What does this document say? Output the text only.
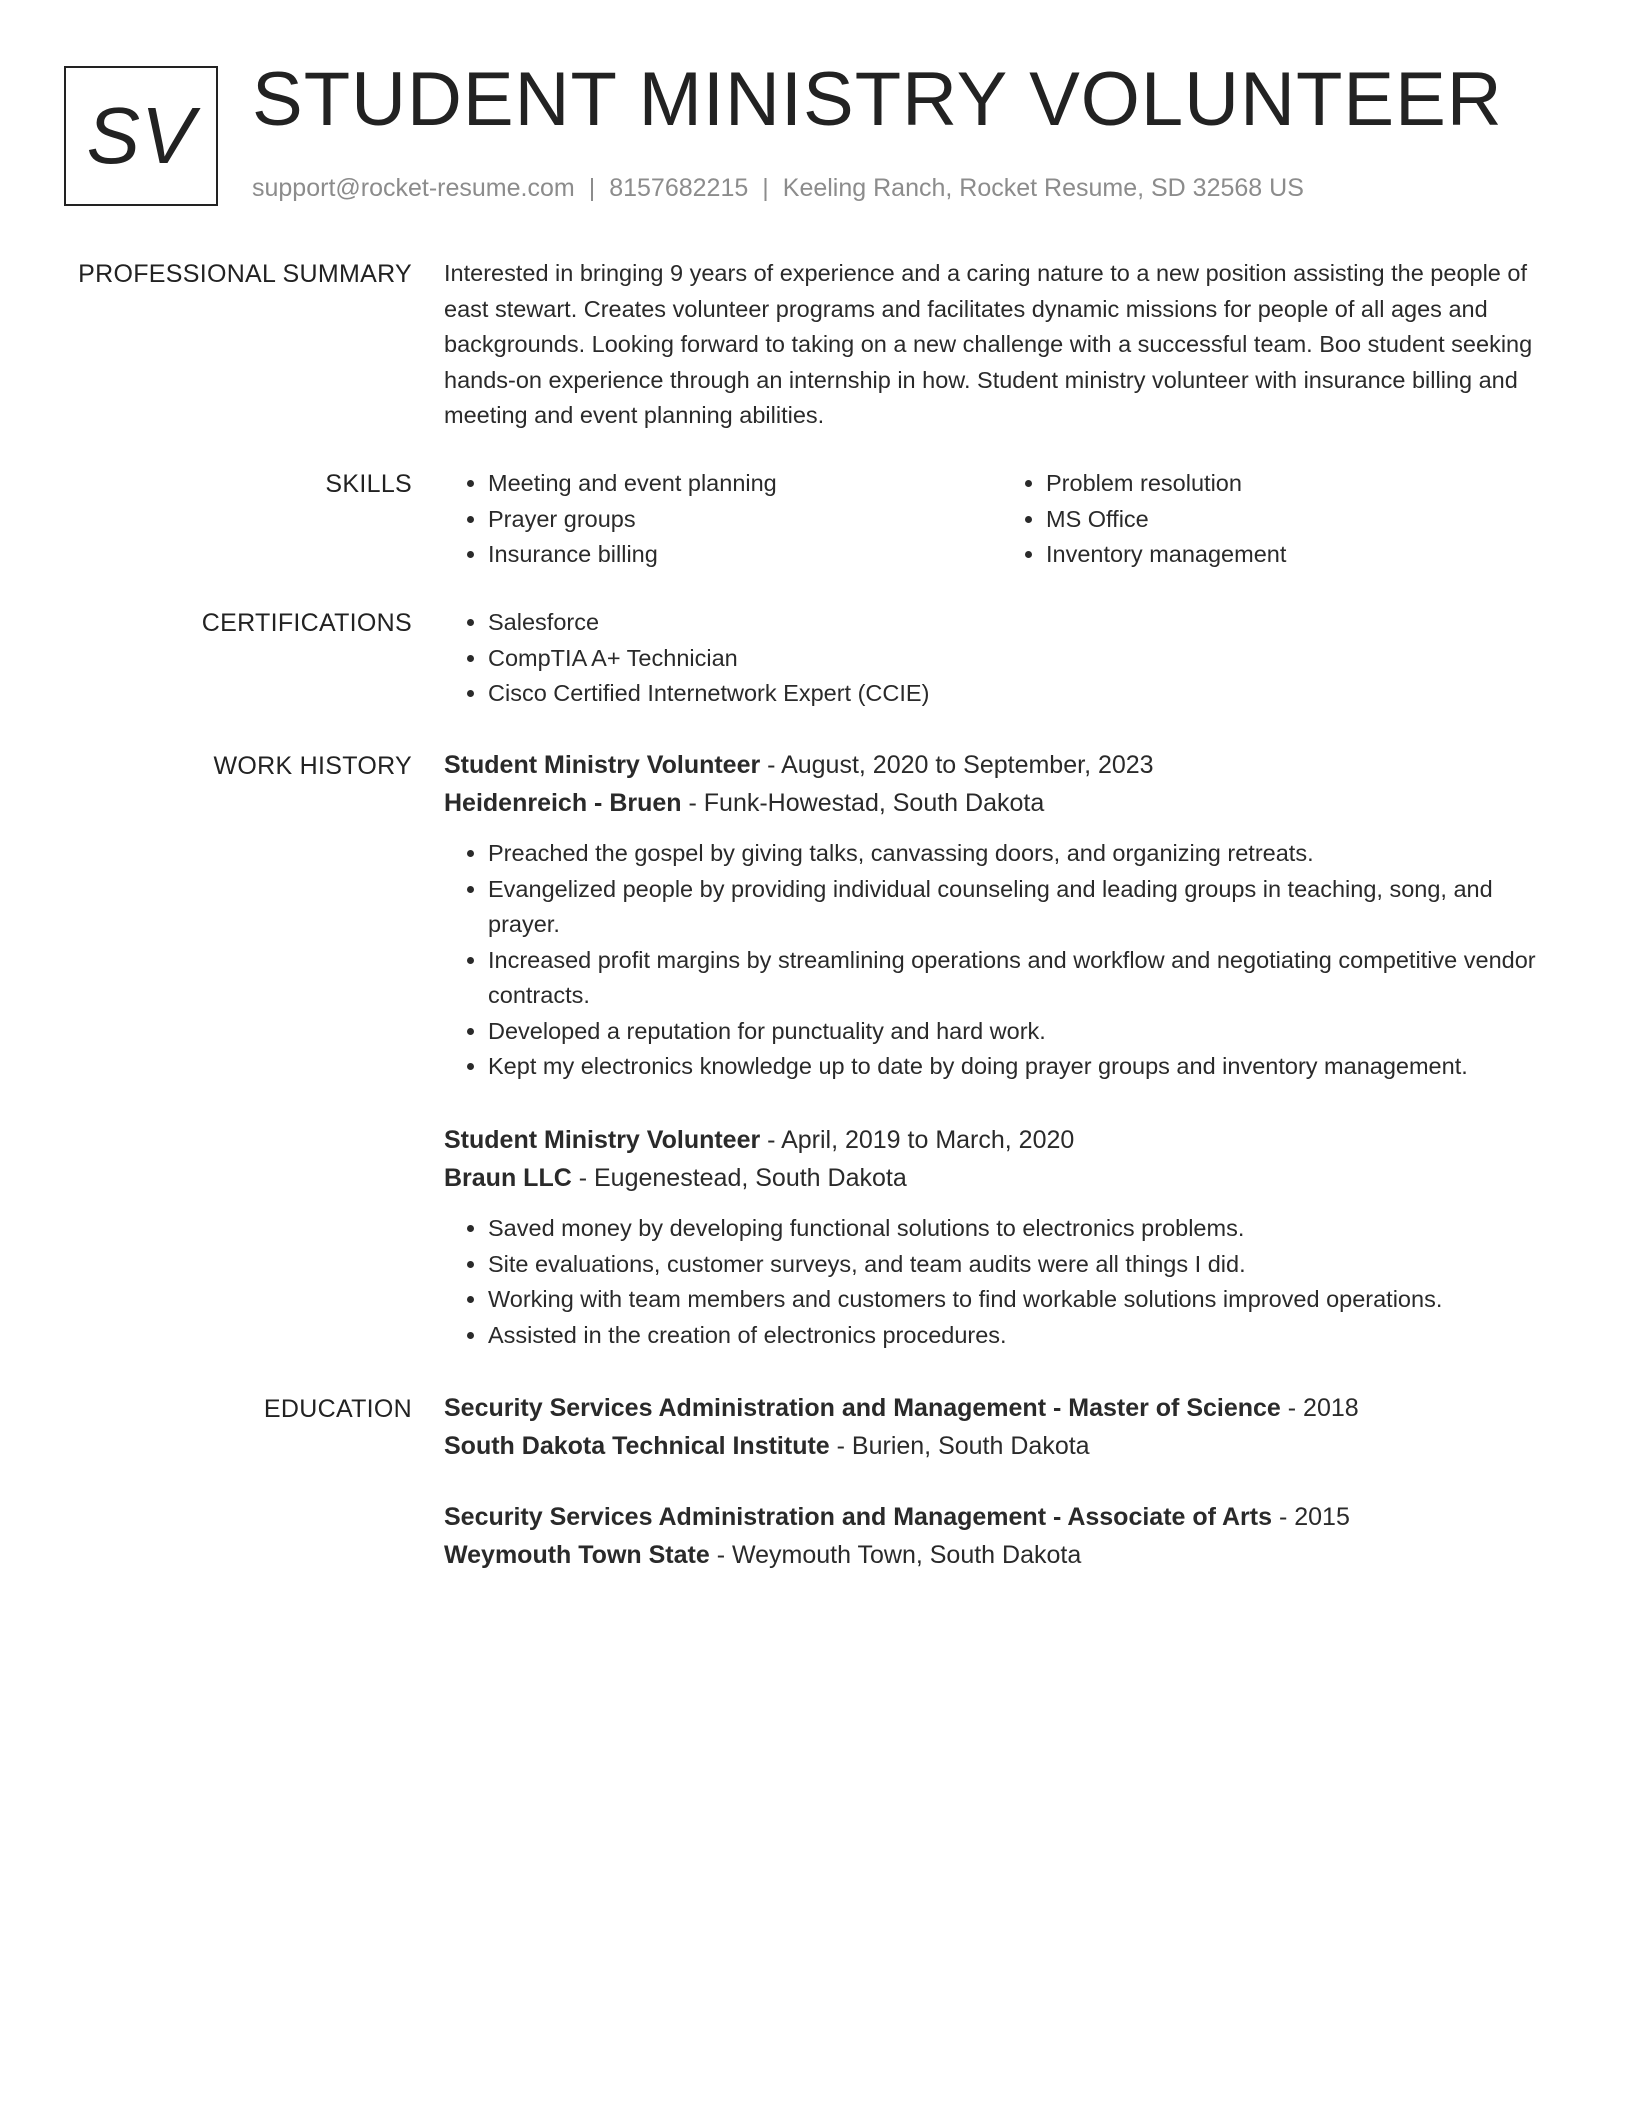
SV STUDENT MINISTRY VOLUNTEER
support@rocket-resume.com | 8157682215 | Keeling Ranch, Rocket Resume, SD 32568 US
PROFESSIONAL SUMMARY Interested in bringing 9 years of experience and a caring nature to a new position assisting the people of east stewart. Creates volunteer programs and facilitates dynamic missions for people of all ages and backgrounds. Looking forward to taking on a new challenge with a successful team. Boo student seeking hands-on experience through an internship in how. Student ministry volunteer with insurance billing and meeting and event planning abilities.
SKILLS	• Meeting and event planning
• Prayer groups
• Insurance billing
• Problem resolution
• MS Office
• Inventory management
CERTIFICATIONS	• Salesforce
• CompTIA A+ Technician
• Cisco Certified Internetwork Expert (CCIE)
WORK HISTORY Student Ministry Volunteer - August, 2020 to September, 2023
Heidenreich - Bruen - Funk-Howestad, South Dakota
• Preached the gospel by giving talks, canvassing doors, and organizing retreats.
• Evangelized people by providing individual counseling and leading groups in teaching, song, and prayer.
• Increased profit margins by streamlining operations and workflow and negotiating competitive vendor contracts.
• Developed a reputation for punctuality and hard work.
• Kept my electronics knowledge up to date by doing prayer groups and inventory management.
Student Ministry Volunteer - April, 2019 to March, 2020
Braun LLC - Eugenestead, South Dakota
• Saved money by developing functional solutions to electronics problems.
• Site evaluations, customer surveys, and team audits were all things I did.
• Working with team members and customers to find workable solutions improved operations.
• Assisted in the creation of electronics procedures.
EDUCATION Security Services Administration and Management - Master of Science - 2018
South Dakota Technical Institute - Burien, South Dakota
Security Services Administration and Management - Associate of Arts - 2015
Weymouth Town State - Weymouth Town, South Dakota
